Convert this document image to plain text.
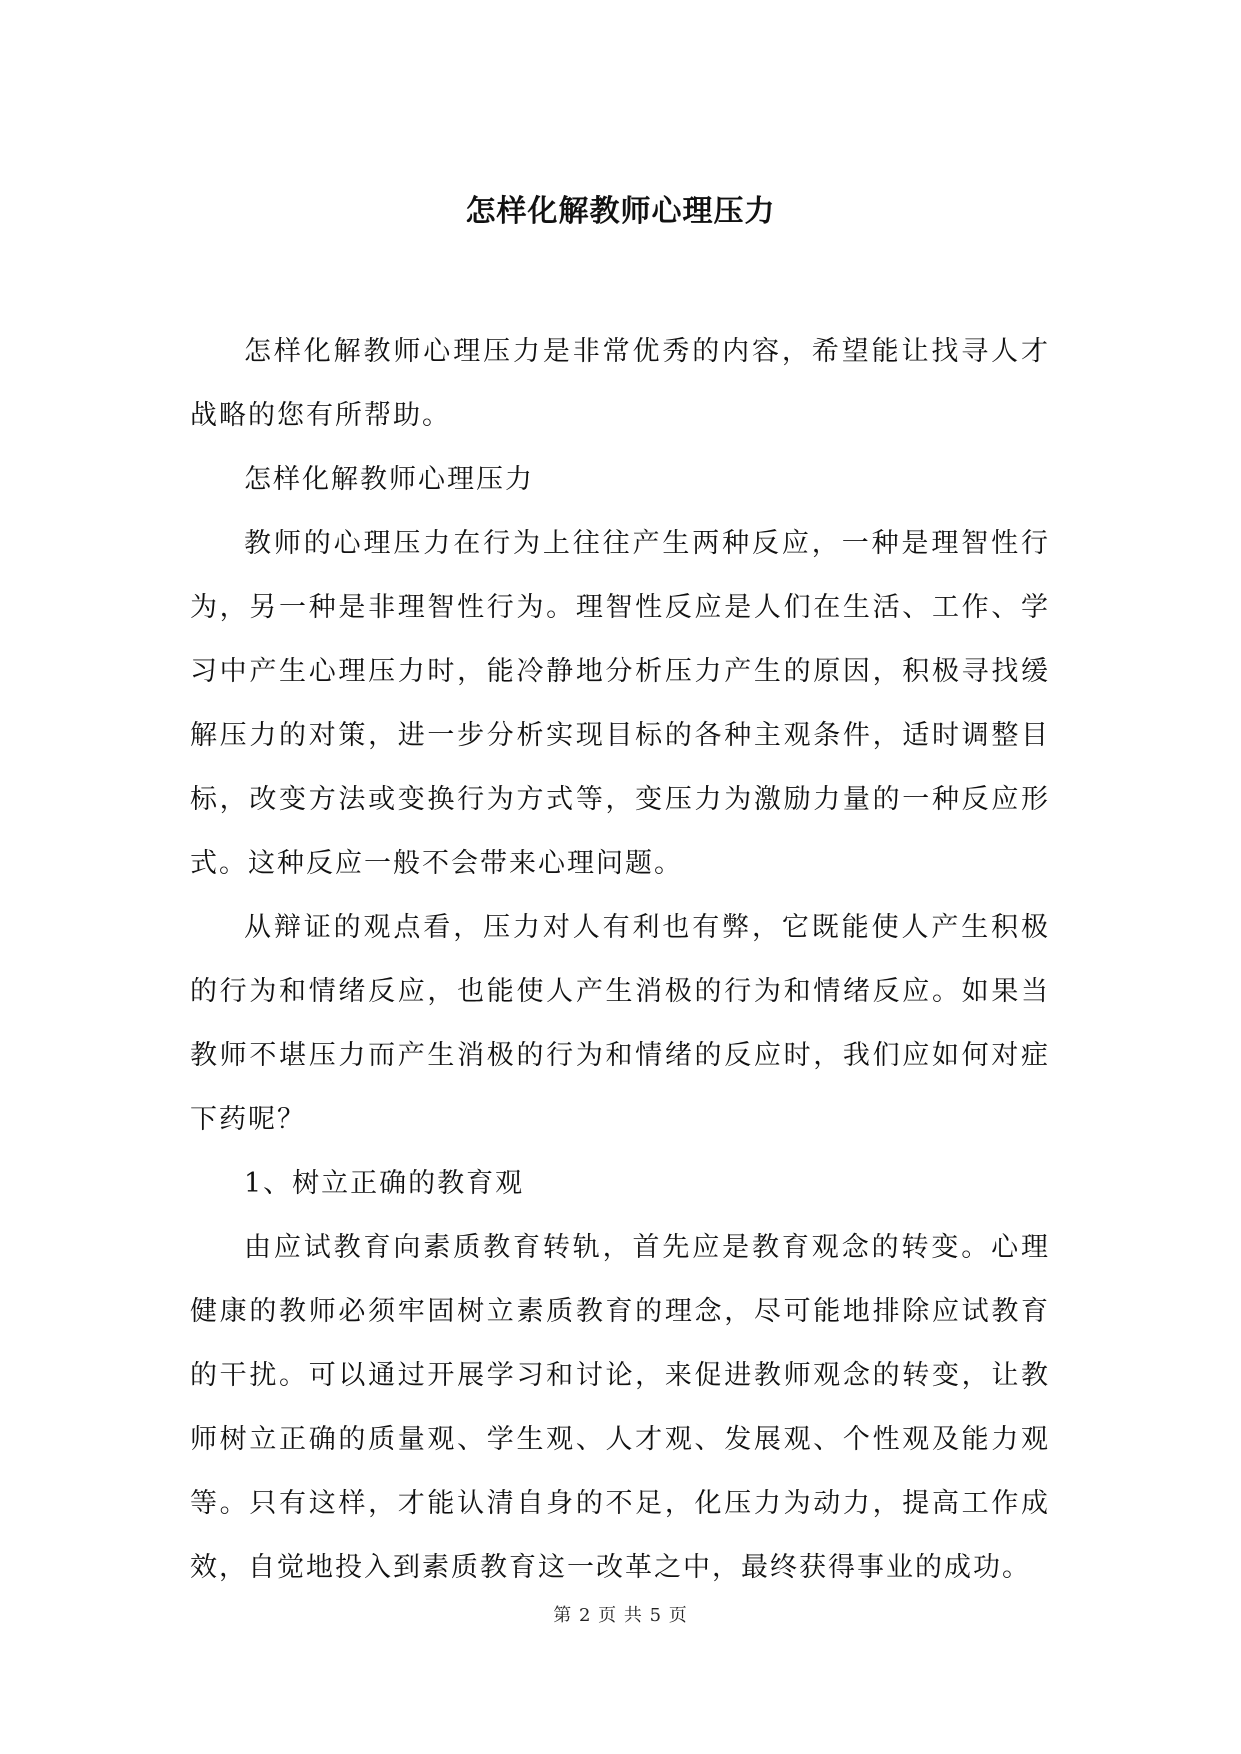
怎样化解教师心理压力

怎样化解教师心理压力是非常优秀的内容，希望能让找寻人才战略的您有所帮助。

怎样化解教师心理压力

教师的心理压力在行为上往往产生两种反应，一种是理智性行为，另一种是非理智性行为。理智性反应是人们在生活、工作、学习中产生心理压力时，能冷静地分析压力产生的原因，积极寻找缓解压力的对策，进一步分析实现目标的各种主观条件，适时调整目标，改变方法或变换行为方式等，变压力为激励力量的一种反应形式。这种反应一般不会带来心理问题。

从辩证的观点看，压力对人有利也有弊，它既能使人产生积极的行为和情绪反应，也能使人产生消极的行为和情绪反应。如果当教师不堪压力而产生消极的行为和情绪的反应时，我们应如何对症下药呢？

1、树立正确的教育观

由应试教育向素质教育转轨，首先应是教育观念的转变。心理健康的教师必须牢固树立素质教育的理念，尽可能地排除应试教育的干扰。可以通过开展学习和讨论，来促进教师观念的转变，让教师树立正确的质量观、学生观、人才观、发展观、个性观及能力观等。只有这样，才能认清自身的不足，化压力为动力，提高工作成效，自觉地投入到素质教育这一改革之中，最终获得事业的成功。

第 2 页 共 5 页
